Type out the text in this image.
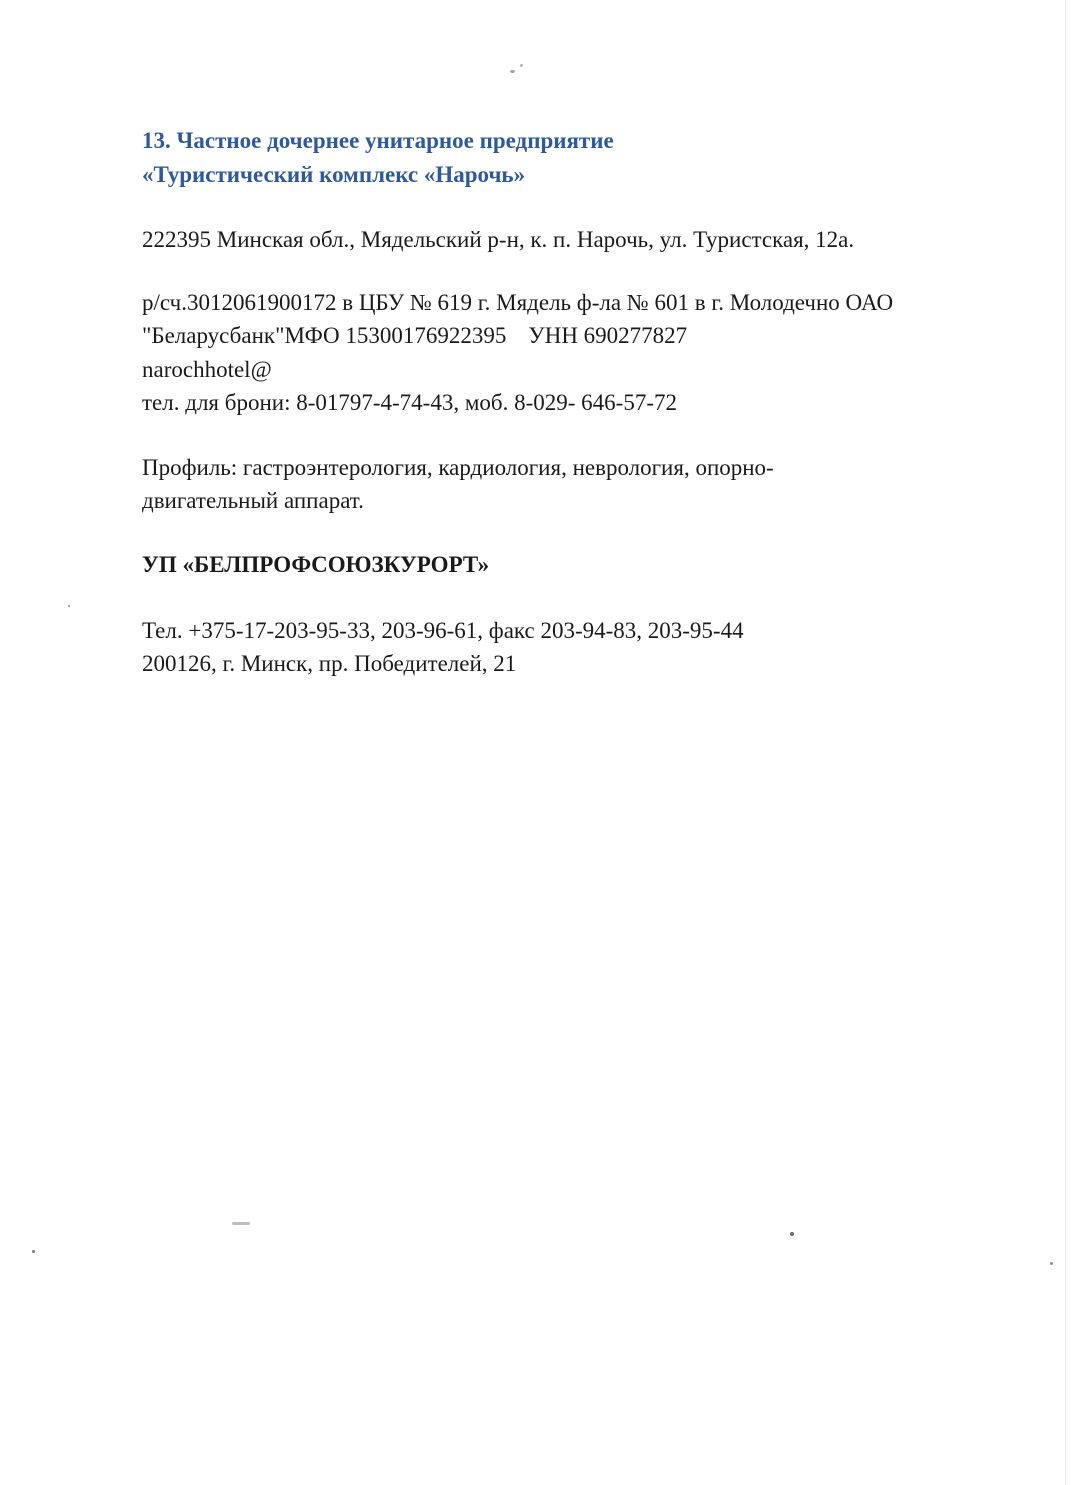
13. Частное дочернее унитарное предприятие
«Туристический комплекс «Нарочь»
222395 Минская обл., Мядельский р-н, к. п. Нарочь, ул. Туристская, 12а.
р/сч.3012061900172 в ЦБУ № 619 г. Мядель ф-ла № 601 в г. Молодечно ОАО
"Беларусбанк"МФО 15300176922395 УНН 690277827
narochhotel@
тел. для брони: 8-01797-4-74-43, моб. 8-029- 646-57-72
Профиль: гастроэнтерология, кардиология, неврология, опорно-
двигательный аппарат.
УП «БЕЛПРОФСОЮЗКУРОРТ»
Тел. +375-17-203-95-33, 203-96-61, факс 203-94-83, 203-95-44
200126, г. Минск, пр. Победителей, 21
